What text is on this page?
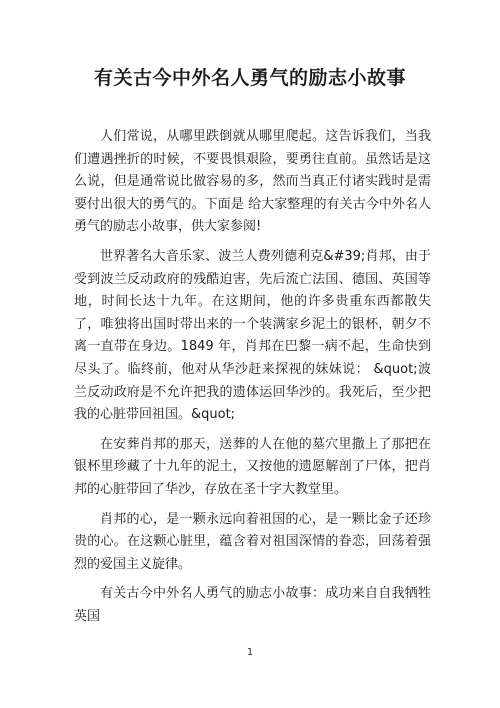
有关古今中外名人勇气的励志小故事

人们常说，从哪里跌倒就从哪里爬起。这告诉我们，当我们遭遇挫折的时候，不要畏惧艰险，要勇往直前。虽然话是这么说，但是通常说比做容易的多，然而当真正付诸实践时是需要付出很大的勇气的。下面是 给大家整理的有关古今中外名人勇气的励志小故事，供大家参阅!

世界著名大音乐家、波兰人费列德利克&#39;肖邦，由于受到波兰反动政府的残酷迫害，先后流亡法国、德国、英国等地，时间长达十九年。在这期间，他的许多贵重东西都散失了，唯独将出国时带出来的一个装满家乡泥土的银杯，朝夕不离一直带在身边。1849 年，肖邦在巴黎一病不起，生命快到尽头了。临终前，他对从华沙赶来探视的妹妹说： &quot;波兰反动政府是不允许把我的遗体运回华沙的。我死后，至少把我的心脏带回祖国。&quot;

在安葬肖邦的那天，送葬的人在他的墓穴里撒上了那把在银杯里珍藏了十九年的泥土，又按他的遗愿解剖了尸体，把肖邦的心脏带回了华沙，存放在圣十字大教堂里。

肖邦的心，是一颗永远向着祖国的心，是一颗比金子还珍贵的心。在这颗心脏里，蕴含着对祖国深情的眷恋，回荡着强烈的爱国主义旋律。

有关古今中外名人勇气的励志小故事：成功来自自我牺牲英国

1
